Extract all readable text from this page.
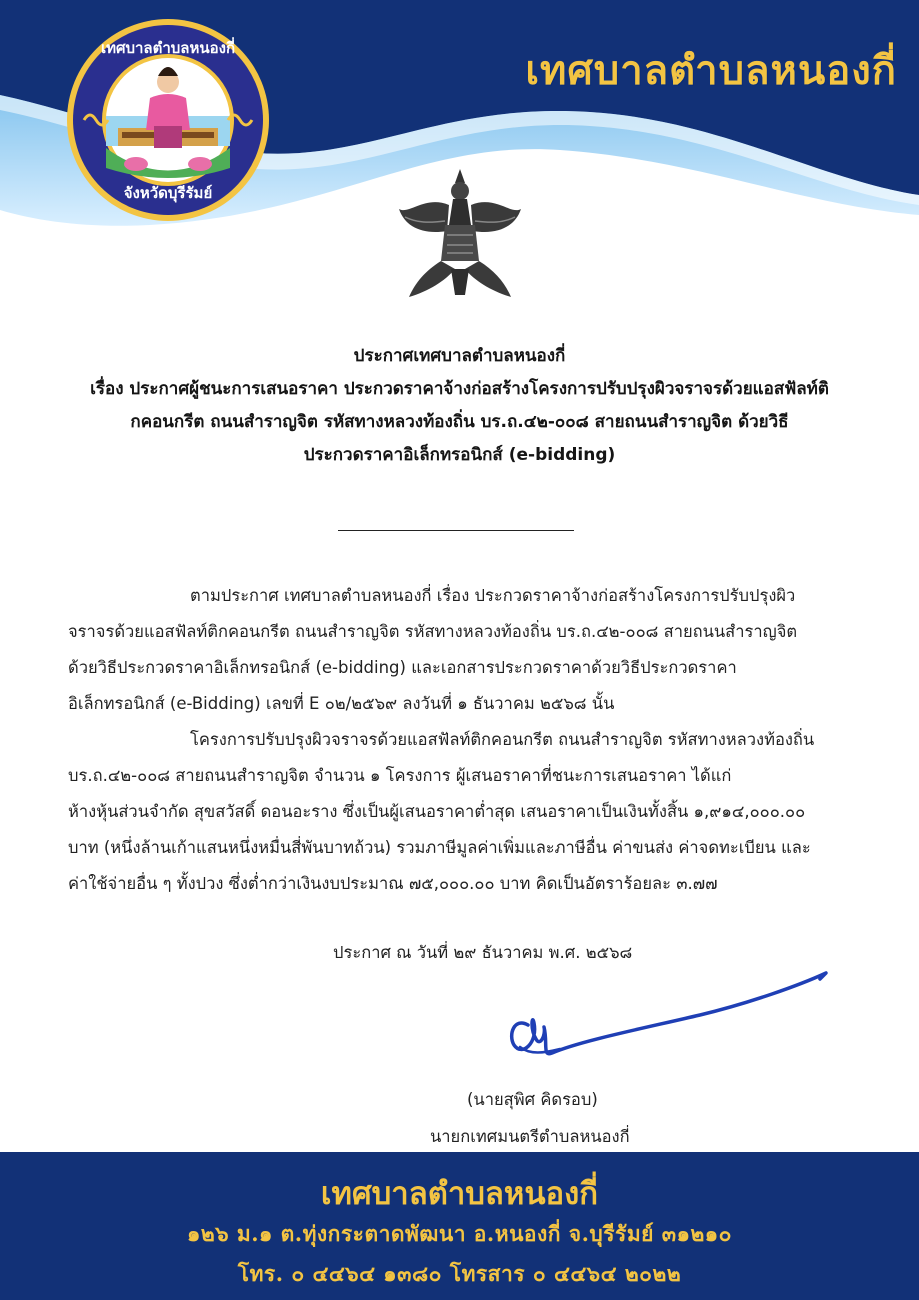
เทศบาลตำบลหนองกี่
จังหวัดบุรีรัมย์
เทศบาลตำบลหนองกี่
ประกาศเทศบาลตำบลหนองกี่
เรื่อง ประกาศผู้ชนะการเสนอราคา ประกวดราคาจ้างก่อสร้างโครงการปรับปรุงผิวจราจรด้วยแอสฟัลท์ติ
กคอนกรีต ถนนสำราญจิต รหัสทางหลวงท้องถิ่น บร.ถ.๔๒-๐๐๘ สายถนนสำราญจิต ด้วยวิธี
ประกวดราคาอิเล็กทรอนิกส์ (e-bidding)
ตามประกาศ เทศบาลตำบลหนองกี่ เรื่อง ประกวดราคาจ้างก่อสร้างโครงการปรับปรุงผิว
จราจรด้วยแอสฟัลท์ติกคอนกรีต ถนนสำราญจิต รหัสทางหลวงท้องถิ่น บร.ถ.๔๒-๐๐๘ สายถนนสำราญจิต
ด้วยวิธีประกวดราคาอิเล็กทรอนิกส์ (e-bidding) และเอกสารประกวดราคาด้วยวิธีประกวดราคา
อิเล็กทรอนิกส์ (e-Bidding) เลขที่ E ๐๒/๒๕๖๙ ลงวันที่ ๑ ธันวาคม ๒๕๖๘ นั้น
โครงการปรับปรุงผิวจราจรด้วยแอสฟัลท์ติกคอนกรีต ถนนสำราญจิต รหัสทางหลวงท้องถิ่น
บร.ถ.๔๒-๐๐๘ สายถนนสำราญจิต จำนวน ๑ โครงการ ผู้เสนอราคาที่ชนะการเสนอราคา ได้แก่
ห้างหุ้นส่วนจำกัด สุขสวัสดิ์ ดอนอะราง ซึ่งเป็นผู้เสนอราคาต่ำสุด เสนอราคาเป็นเงินทั้งสิ้น ๑,๙๑๔,๐๐๐.๐๐
บาท (หนึ่งล้านเก้าแสนหนึ่งหมื่นสี่พันบาทถ้วน) รวมภาษีมูลค่าเพิ่มและภาษีอื่น ค่าขนส่ง ค่าจดทะเบียน และ
ค่าใช้จ่ายอื่น ๆ ทั้งปวง ซึ่งต่ำกว่าเงินงบประมาณ ๗๕,๐๐๐.๐๐ บาท คิดเป็นอัตราร้อยละ ๓.๗๗
ประกาศ ณ วันที่ ๒๙ ธันวาคม พ.ศ. ๒๕๖๘
(นายสุพิศ คิดรอบ)
นายกเทศมนตรีตำบลหนองกี่
เทศบาลตำบลหนองกี่
๑๒๖ ม.๑ ต.ทุ่งกระตาดพัฒนา อ.หนองกี่ จ.บุรีรัมย์ ๓๑๒๑๐
โทร. ๐ ๔๔๖๔ ๑๓๘๐ โทรสาร ๐ ๔๔๖๔ ๒๐๒๒
